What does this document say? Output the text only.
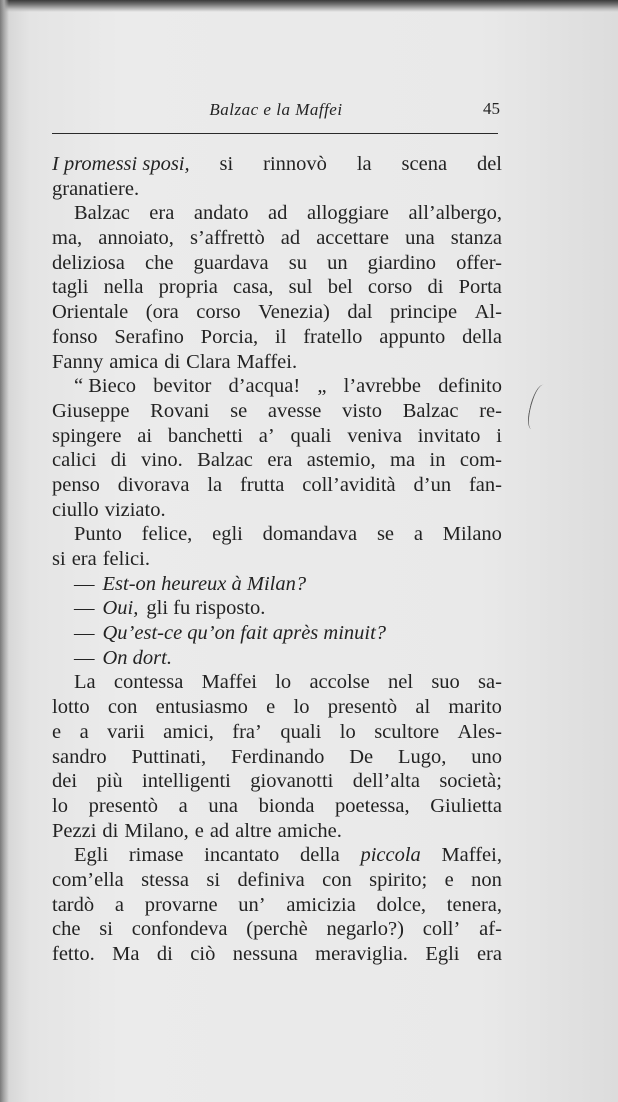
Balzac e la Maffei	45
I promessi sposi, si rinnovò la scena del
granatiere.
Balzac era andato ad alloggiare all’albergo,
ma, annoiato, s’affrettò ad accettare una stanza
deliziosa che guardava su un giardino offer-
tagli nella propria casa, sul bel corso di Porta
Orientale (ora corso Venezia) dal principe Al-
fonso Serafino Porcia, il fratello appunto della
Fanny amica di Clara Maffei.
“ Bieco bevitor d’acqua! „ l’avrebbe definito
Giuseppe Rovani se avesse visto Balzac re-
spingere ai banchetti a’ quali veniva invitato i
calici di vino. Balzac era astemio, ma in com-
penso divorava la frutta coll’avidità d’un fan-
ciullo viziato.
Punto felice, egli domandava se a Milano
si era felici.
— Est-on heureux à Milan?
— Oui, gli fu risposto.
— Qu’est-ce qu’on fait après minuit?
— On dort.
La contessa Maffei lo accolse nel suo sa-
lotto con entusiasmo e lo presentò al marito
e a varii amici, fra’ quali lo scultore Ales-
sandro Puttinati, Ferdinando De Lugo, uno
dei più intelligenti giovanotti dell’alta società;
lo presentò a una bionda poetessa, Giulietta
Pezzi di Milano, e ad altre amiche.
Egli rimase incantato della piccola Maffei,
com’ella stessa si definiva con spirito; e non
tardò a provarne un’ amicizia dolce, tenera,
che si confondeva (perchè negarlo?) coll’ af-
fetto. Ma di ciò nessuna meraviglia. Egli era
